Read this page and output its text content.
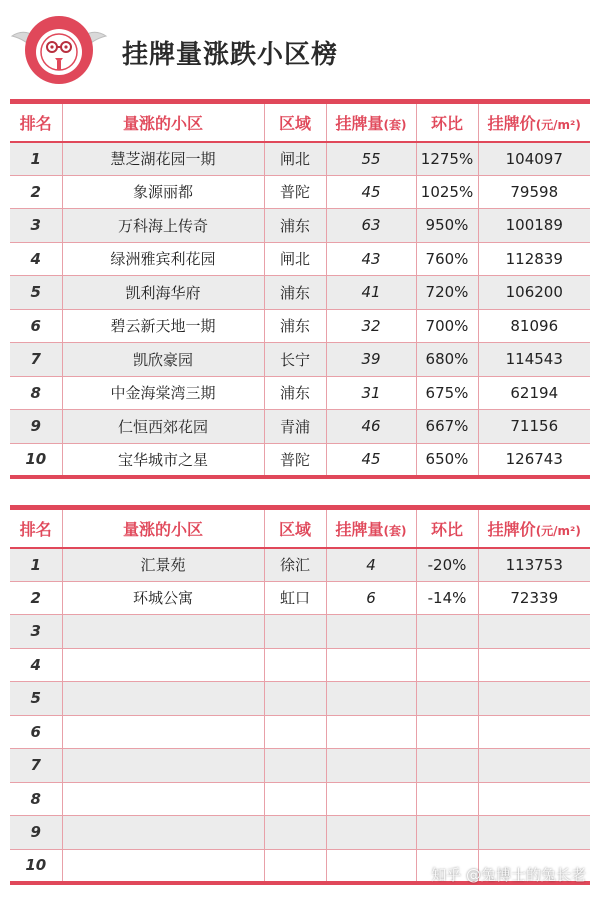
挂牌量涨跌小区榜
排名	量涨的小区	区域	挂牌量(套)	环比	挂牌价(元/m²)
1	慧芝湖花园一期	闸北	55	1275%	104097
2	象源丽都	普陀	45	1025%	79598
3	万科海上传奇	浦东	63	950%	100189
4	绿洲雅宾利花园	闸北	43	760%	112839
5	凯利海华府	浦东	41	720%	106200
6	碧云新天地一期	浦东	32	700%	81096
7	凯欣豪园	长宁	39	680%	114543
8	中金海棠湾三期	浦东	31	675%	62194
9	仁恒西郊花园	青浦	46	667%	71156
10	宝华城市之星	普陀	45	650%	126743
排名	量涨的小区	区域	挂牌量(套)	环比	挂牌价(元/m²)
1	汇景苑	徐汇	4	-20%	113753
2	环城公寓	虹口	6	-14%	72339
3					
4					
5					
6					
7					
8					
9					
10					
知乎 @兔博士的兔长老
